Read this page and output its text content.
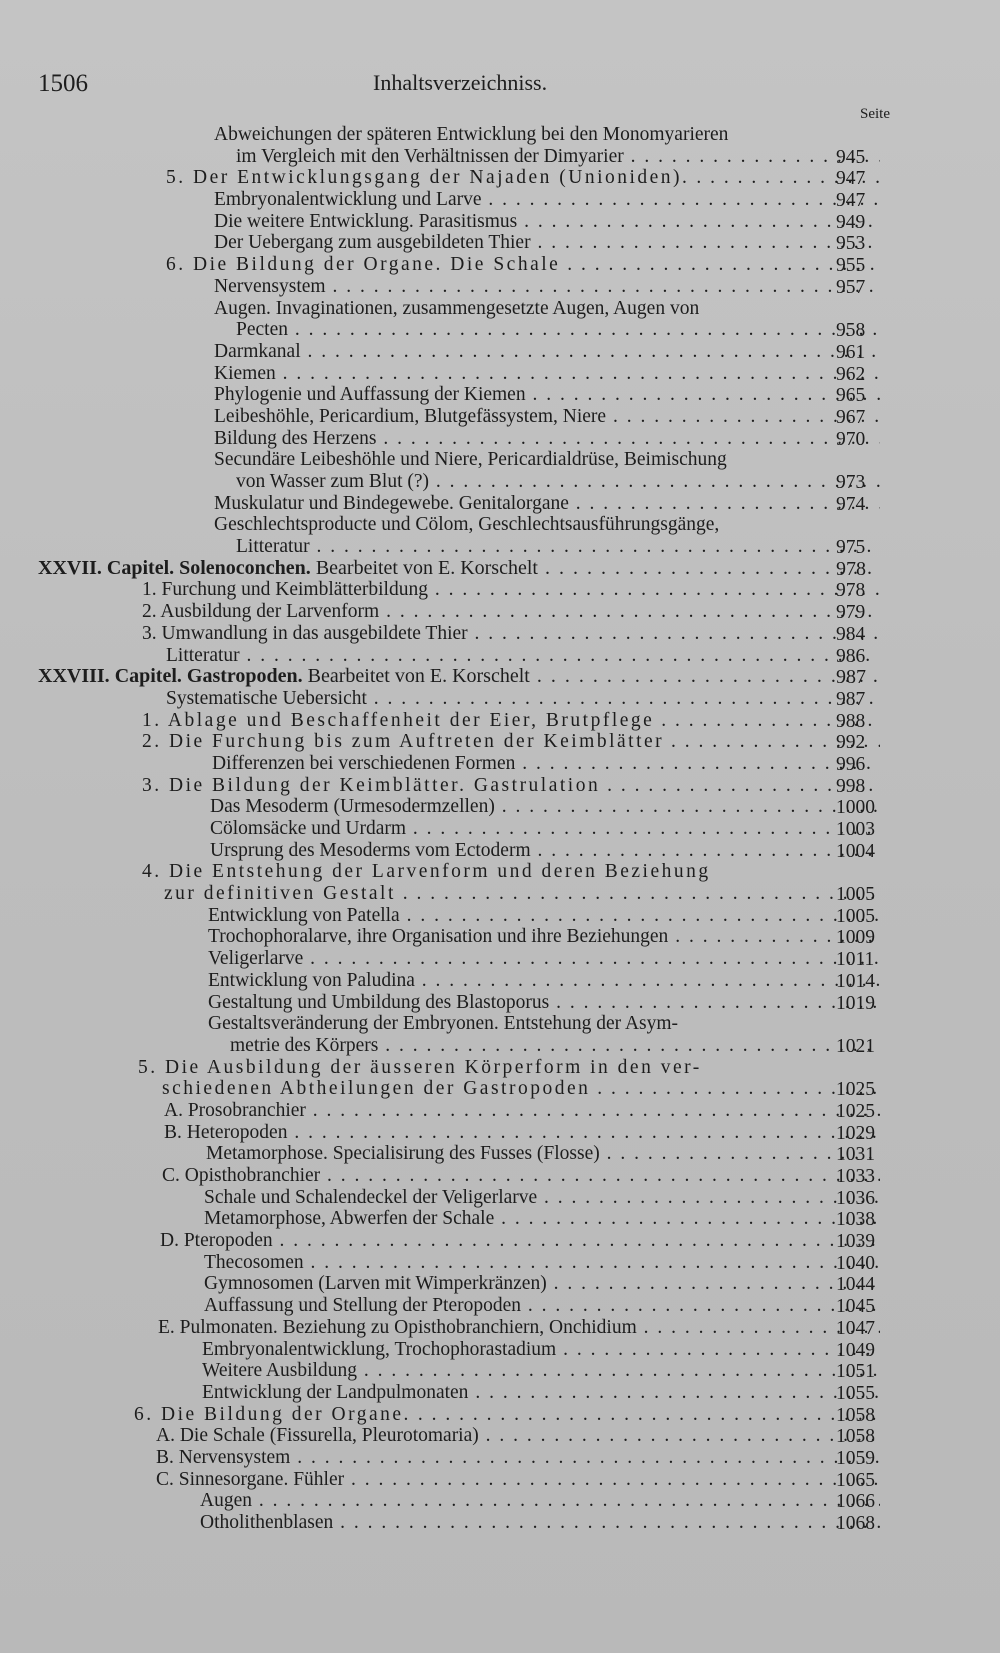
1506	Inhaltsverzeichniss.
Seite
Abweichungen der späteren Entwicklung bei den Monomyarieren
im Vergleich mit den Verhältnissen der Dimyarier . . .	945
5. Der Entwicklungsgang der Najaden (Unioniden). . . .	947
Embryonalentwicklung und Larve . . .	947
Die weitere Entwicklung. Parasitismus . . .	949
Der Uebergang zum ausgebildeten Thier . . .	953
6. Die Bildung der Organe. Die Schale . . .	955
Nervensystem . . .	957
Augen. Invaginationen, zusammengesetzte Augen, Augen von
Pecten . . .	958
Darmkanal . . .	961
Kiemen . . .	962
Phylogenie und Auffassung der Kiemen . . .	965
Leibeshöhle, Pericardium, Blutgefässystem, Niere . . .	967
Bildung des Herzens . . .	970
Secundäre Leibeshöhle und Niere, Pericardialdrüse, Beimischung
von Wasser zum Blut (?) . . .	973
Muskulatur und Bindegewebe. Genitalorgane . . .	974
Geschlechtsproducte und Cölom, Geschlechtsausführungsgänge,
Litteratur . . .	975
XXVII. Capitel. Solenoconchen. Bearbeitet von E. Korschelt . . .	978
1. Furchung und Keimblätterbildung . . .	978
2. Ausbildung der Larvenform . . .	979
3. Umwandlung in das ausgebildete Thier . . .	984
Litteratur . . .	986
XXVIII. Capitel. Gastropoden. Bearbeitet von E. Korschelt . . .	987
Systematische Uebersicht . . .	987
1. Ablage und Beschaffenheit der Eier, Brutpflege . . .	988
2. Die Furchung bis zum Auftreten der Keimblätter . . .	992
Differenzen bei verschiedenen Formen . . .	996
3. Die Bildung der Keimblätter. Gastrulation . . .	998
Das Mesoderm (Urmesodermzellen) . . .	1000
Cölomsäcke und Urdarm . . .	1003
Ursprung des Mesoderms vom Ectoderm . . .	1004
4. Die Entstehung der Larvenform und deren Beziehung
zur definitiven Gestalt . . .	1005
Entwicklung von Patella . . .	1005
Trochophoralarve, ihre Organisation und ihre Beziehungen . . .	1009
Veligerlarve . . .	1011
Entwicklung von Paludina . . .	1014
Gestaltung und Umbildung des Blastoporus . . .	1019
Gestaltsveränderung der Embryonen. Entstehung der Asym-
metrie des Körpers . . .	1021
5. Die Ausbildung der äusseren Körperform in den ver-
schiedenen Abtheilungen der Gastropoden . . .	1025
A. Prosobranchier . . .	1025
B. Heteropoden . . .	1029
Metamorphose. Specialisirung des Fusses (Flosse) . . .	1031
C. Opisthobranchier . . .	1033
Schale und Schalendeckel der Veligerlarve . . .	1036
Metamorphose, Abwerfen der Schale . . .	1038
D. Pteropoden . . .	1039
Thecosomen . . .	1040
Gymnosomen (Larven mit Wimperkränzen) . . .	1044
Auffassung und Stellung der Pteropoden . . .	1045
E. Pulmonaten. Beziehung zu Opisthobranchiern, Onchidium . . .	1047
Embryonalentwicklung, Trochophorastadium . . .	1049
Weitere Ausbildung . . .	1051
Entwicklung der Landpulmonaten . . .	1055
6. Die Bildung der Organe. . . .	1058
A. Die Schale (Fissurella, Pleurotomaria) . . .	1058
B. Nervensystem . . .	1059
C. Sinnesorgane. Fühler . . .	1065
Augen . . .	1066
Otholithenblasen . . .	1068
